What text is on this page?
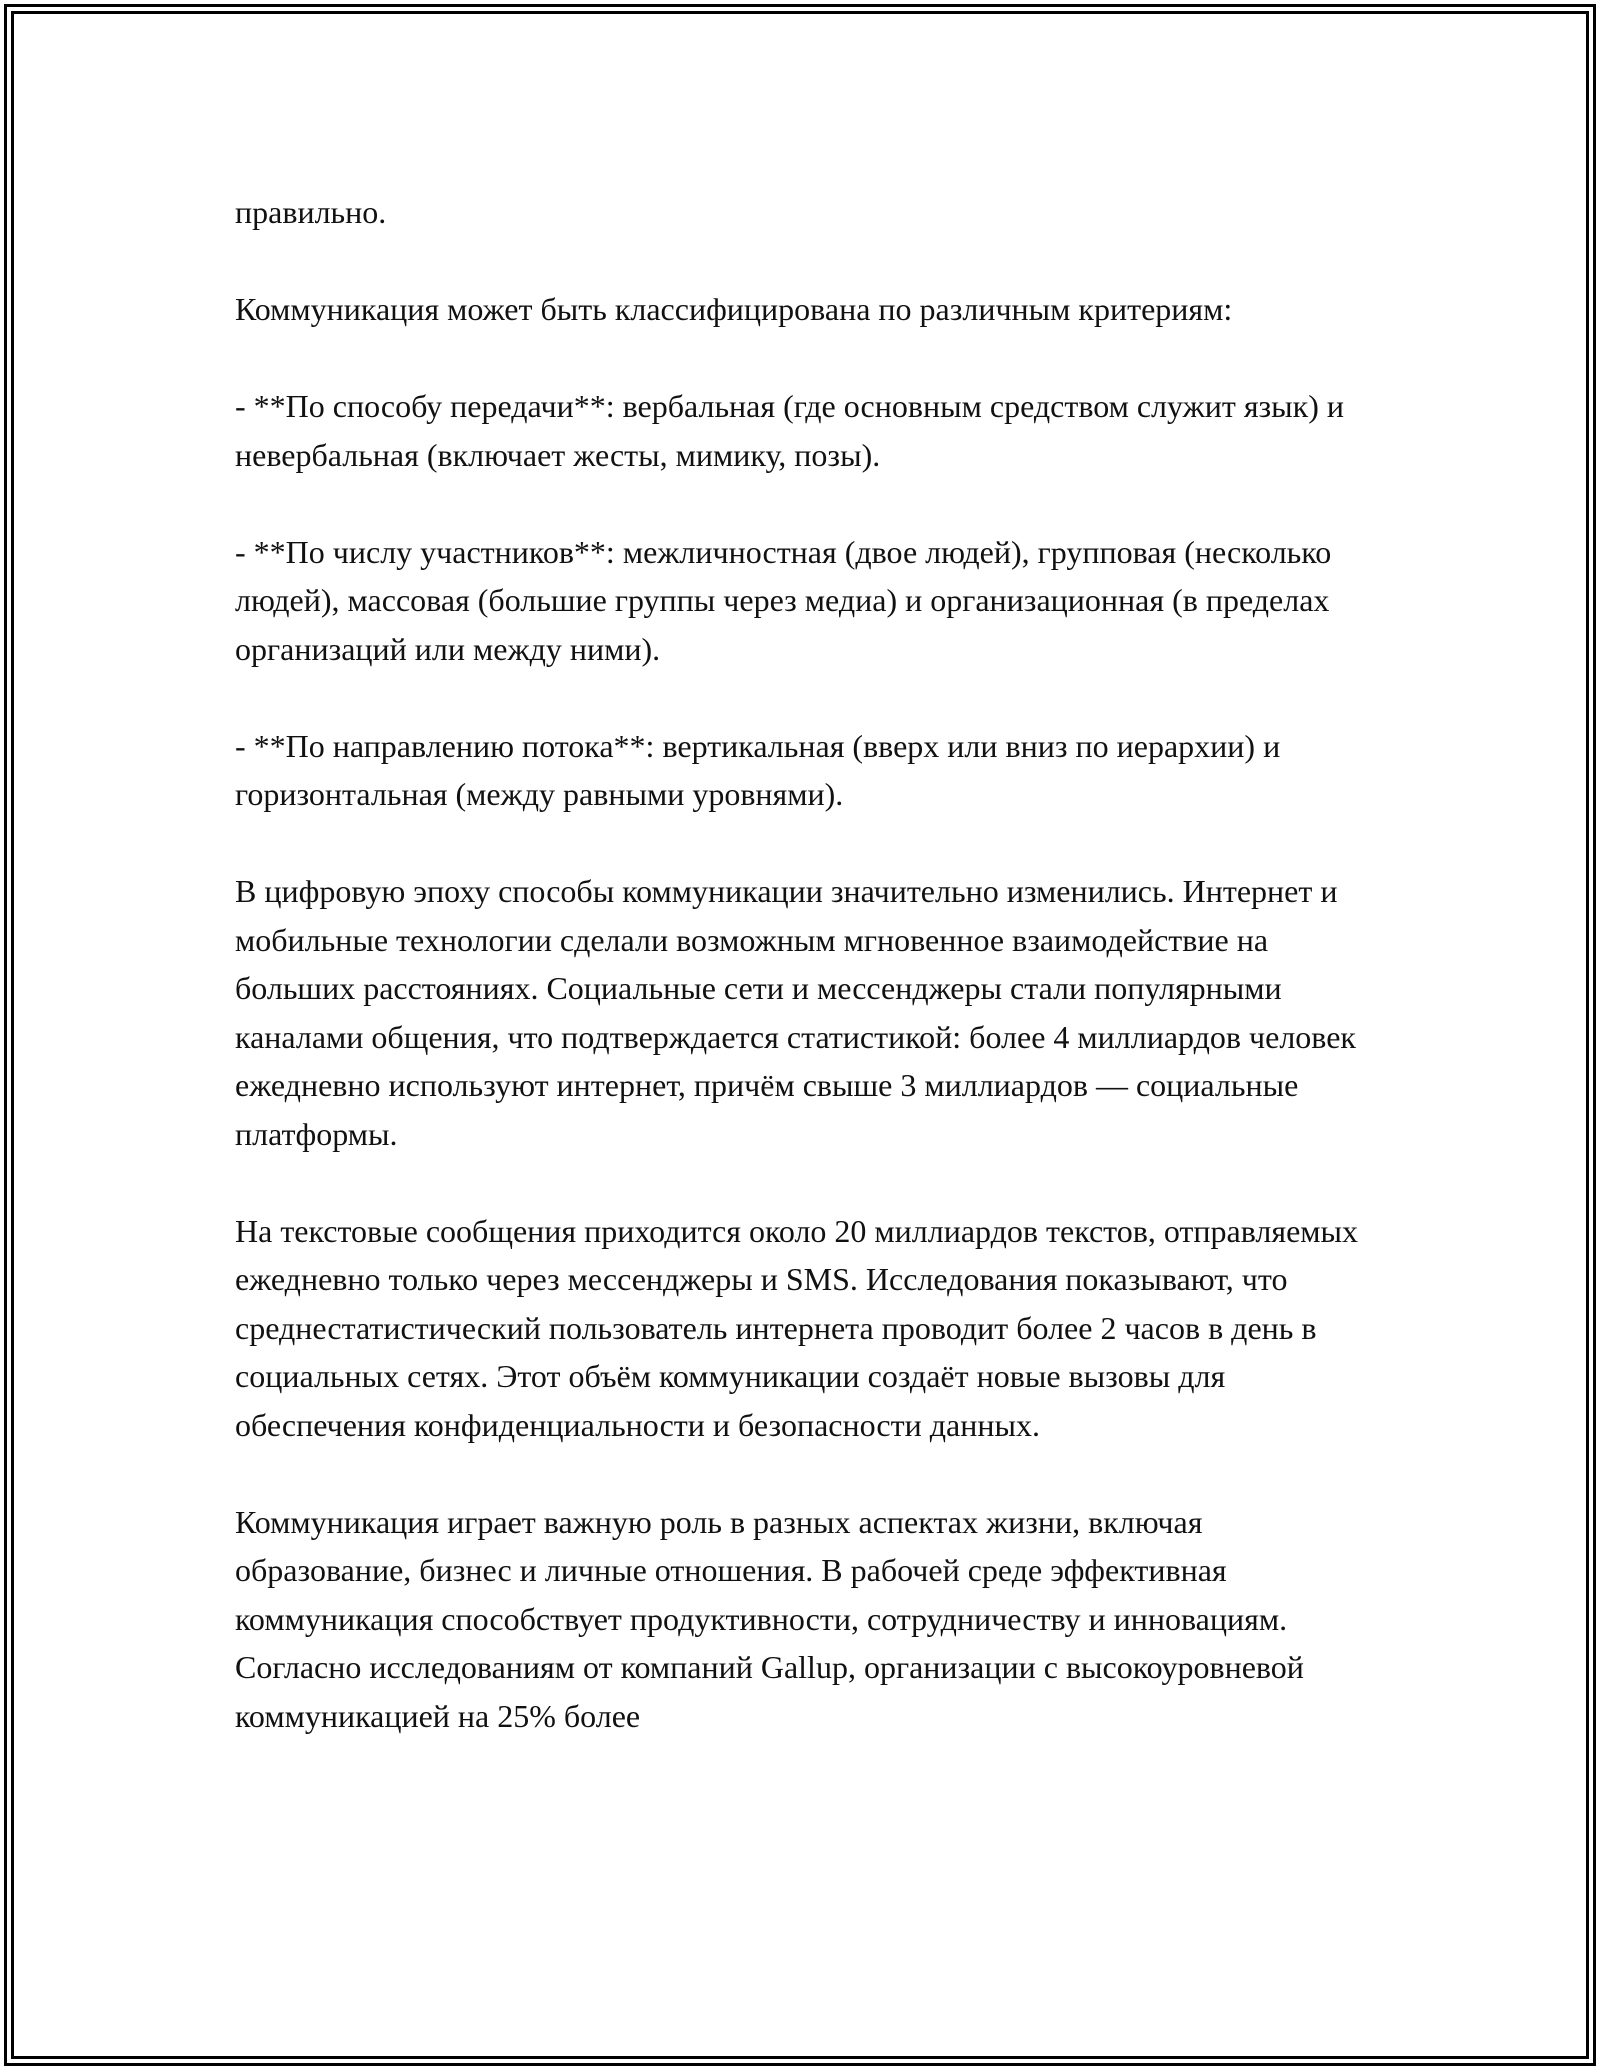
правильно.

Коммуникация может быть классифицирована по различным критериям:

- **По способу передачи**: вербальная (где основным средством служит язык) и невербальная (включает жесты, мимику, позы).

- **По числу участников**: межличностная (двое людей), групповая (несколько людей), массовая (большие группы через медиа) и организационная (в пределах организаций или между ними).

- **По направлению потока**: вертикальная (вверх или вниз по иерархии) и горизонтальная (между равными уровнями).

В цифровую эпоху способы коммуникации значительно изменились. Интернет и мобильные технологии сделали возможным мгновенное взаимодействие на больших расстояниях. Социальные сети и мессенджеры стали популярными каналами общения, что подтверждается статистикой: более 4 миллиардов человек ежедневно используют интернет, причём свыше 3 миллиардов — социальные платформы.

На текстовые сообщения приходится около 20 миллиардов текстов, отправляемых ежедневно только через мессенджеры и SMS. Исследования показывают, что среднестатистический пользователь интернета проводит более 2 часов в день в социальных сетях. Этот объём коммуникации создаёт новые вызовы для обеспечения конфиденциальности и безопасности данных.

Коммуникация играет важную роль в разных аспектах жизни, включая образование, бизнес и личные отношения. В рабочей среде эффективная коммуникация способствует продуктивности, сотрудничеству и инновациям. Согласно исследованиям от компаний Gallup, организации с высокоуровневой коммуникацией на 25% более
